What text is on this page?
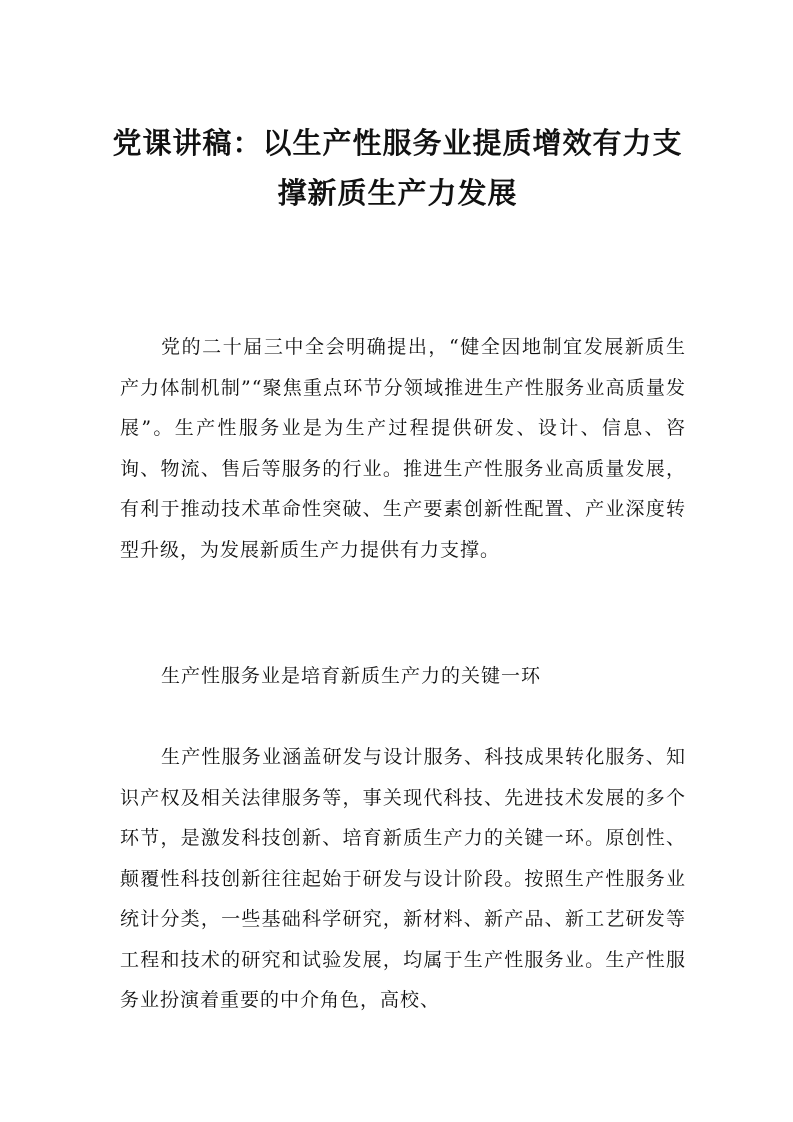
党课讲稿：以生产性服务业提质增效有力支撑新质生产力发展

党的二十届三中全会明确提出，“健全因地制宜发展新质生产力体制机制”“聚焦重点环节分领域推进生产性服务业高质量发展”。生产性服务业是为生产过程提供研发、设计、信息、咨询、物流、售后等服务的行业。推进生产性服务业高质量发展，有利于推动技术革命性突破、生产要素创新性配置、产业深度转型升级，为发展新质生产力提供有力支撑。

生产性服务业是培育新质生产力的关键一环

生产性服务业涵盖研发与设计服务、科技成果转化服务、知识产权及相关法律服务等，事关现代科技、先进技术发展的多个环节，是激发科技创新、培育新质生产力的关键一环。原创性、颠覆性科技创新往往起始于研发与设计阶段。按照生产性服务业统计分类，一些基础科学研究，新材料、新产品、新工艺研发等工程和技术的研究和试验发展，均属于生产性服务业。生产性服务业扮演着重要的中介角色，高校、
